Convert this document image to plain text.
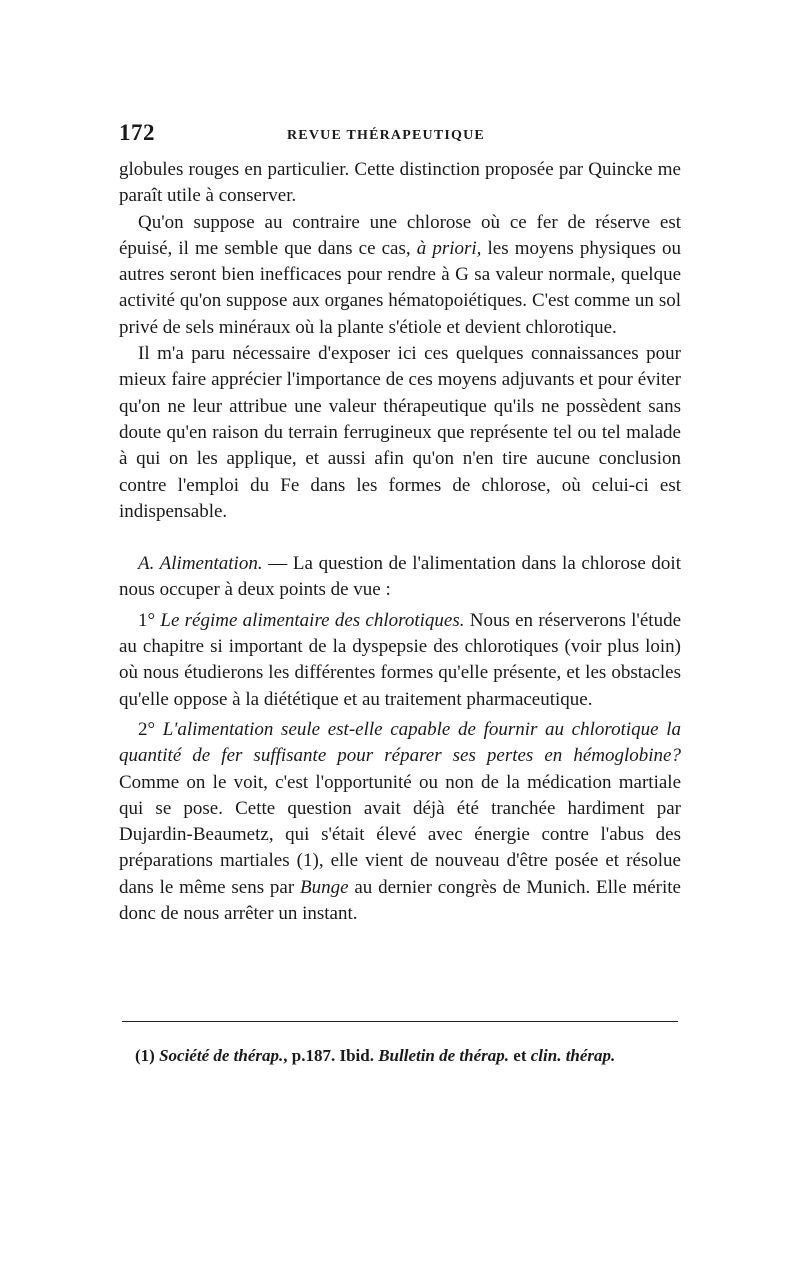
172	REVUE THÉRAPEUTIQUE

globules rouges en particulier. Cette distinction proposée par Quincke me paraît utile à conserver.

Qu'on suppose au contraire une chlorose où ce fer de réserve est épuisé, il me semble que dans ce cas, à priori, les moyens physiques ou autres seront bien inefficaces pour rendre à G sa valeur normale, quelque activité qu'on suppose aux organes hématopoiétiques. C'est comme un sol privé de sels minéraux où la plante s'étiole et devient chlorotique.

Il m'a paru nécessaire d'exposer ici ces quelques connaissances pour mieux faire apprécier l'importance de ces moyens adjuvants et pour éviter qu'on ne leur attribue une valeur thérapeutique qu'ils ne possèdent sans doute qu'en raison du terrain ferrugineux que représente tel ou tel malade à qui on les applique, et aussi afin qu'on n'en tire aucune conclusion contre l'emploi du Fe dans les formes de chlorose, où celui-ci est indispensable.

A. Alimentation. — La question de l'alimentation dans la chlorose doit nous occuper à deux points de vue :

1° Le régime alimentaire des chlorotiques. Nous en réserverons l'étude au chapitre si important de la dyspepsie des chlorotiques (voir plus loin) où nous étudierons les différentes formes qu'elle présente, et les obstacles qu'elle oppose à la diététique et au traitement pharmaceutique.

2° L'alimentation seule est-elle capable de fournir au chlorotique la quantité de fer suffisante pour réparer ses pertes en hémoglobine? Comme on le voit, c'est l'opportunité ou non de la médication martiale qui se pose. Cette question avait déjà été tranchée hardiment par Dujardin-Beaumetz, qui s'était élevé avec énergie contre l'abus des préparations martiales (1), elle vient de nouveau d'être posée et résolue dans le même sens par Bunge au dernier congrès de Munich. Elle mérite donc de nous arrêter un instant.

(1) Société de thérap., p.187. Ibid. Bulletin de thérap. et clin. thérap.
